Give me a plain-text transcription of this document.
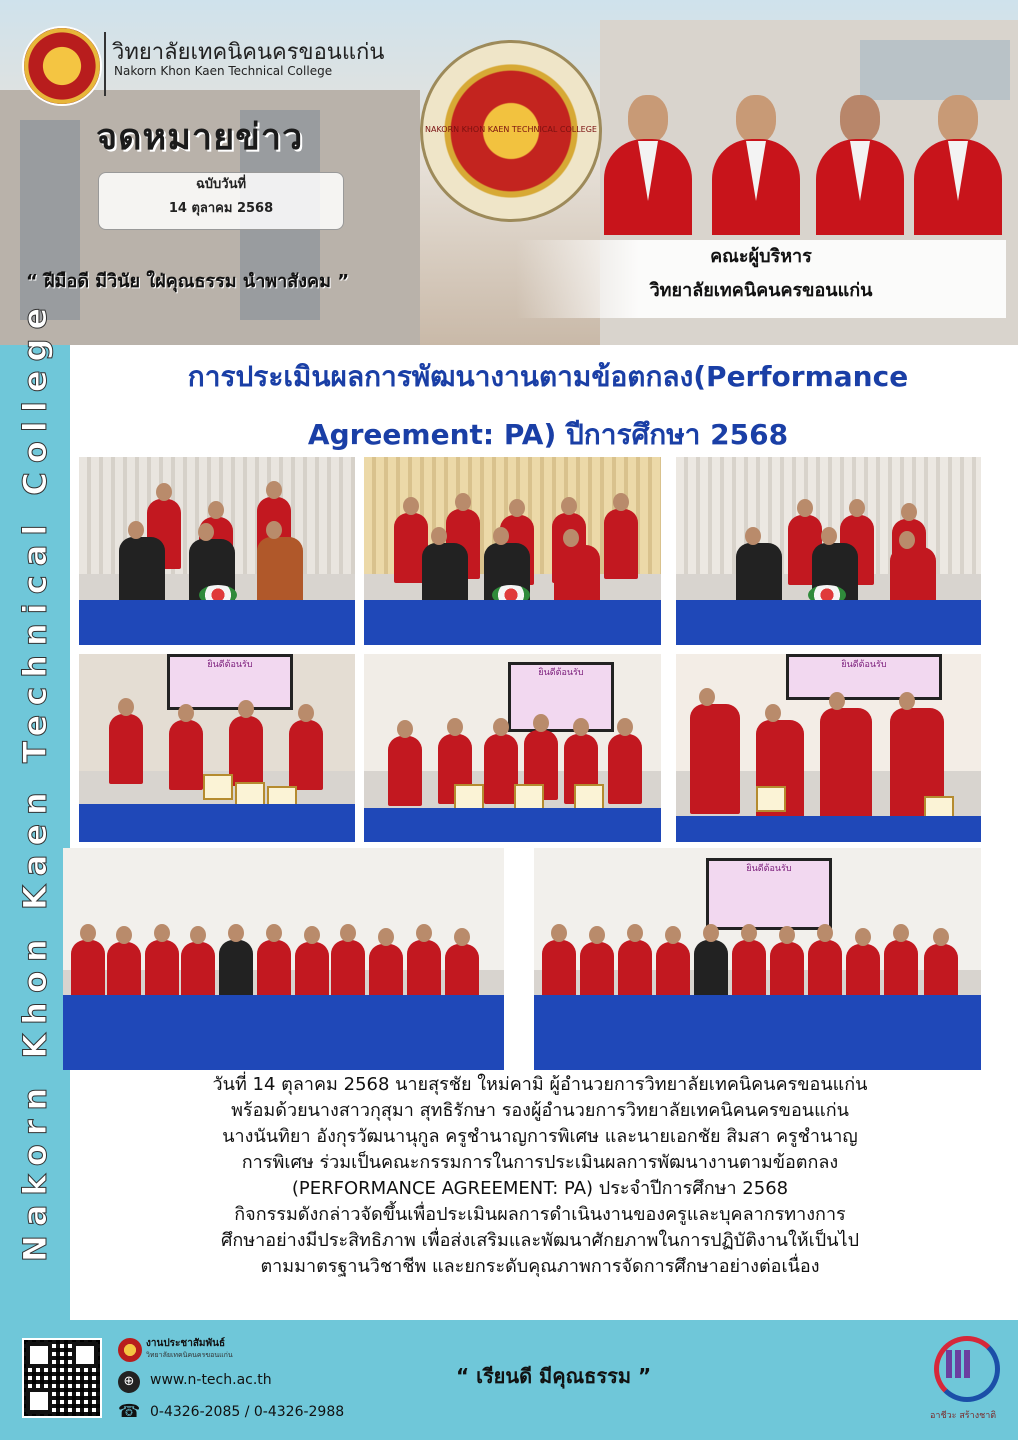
วิทยาลัยเทคนิคนครขอนแก่น
Nakorn Khon Kaen Technical College
จดหมายข่าว
ฉบับวันที่
14 ตุลาคม 2568
“ ฝีมือดี มีวินัย ใฝ่คุณธรรม นำพาสังคม ”
NAKORN KHON KAEN TECHNICAL COLLEGE
คณะผู้บริหาร
วิทยาลัยเทคนิคนครขอนแก่น
Nakorn Khon Kaen Technical College	การประเมินผลการพัฒนางานตามข้อตกลง(Performance
Agreement: PA) ปีการศึกษา 2568
ยินดีต้อนรับ
ยินดีต้อนรับ
ยินดีต้อนรับ
ยินดีต้อนรับ
วันที่ 14 ตุลาคม 2568 นายสุรชัย ใหม่คามิ ผู้อำนวยการวิทยาลัยเทคนิคนครขอนแก่น
พร้อมด้วยนางสาวกุสุมา สุทธิรักษา รองผู้อำนวยการวิทยาลัยเทคนิคนครขอนแก่น
นางนันทิยา อังกุรวัฒนานุกูล ครูชำนาญการพิเศษ และนายเอกชัย สิมสา ครูชำนาญ
การพิเศษ ร่วมเป็นคณะกรรมการในการประเมินผลการพัฒนางานตามข้อตกลง
(PERFORMANCE AGREEMENT: PA) ประจำปีการศึกษา 2568
กิจกรรมดังกล่าวจัดขึ้นเพื่อประเมินผลการดำเนินงานของครูและบุคลากรทางการ
ศึกษาอย่างมีประสิทธิภาพ เพื่อส่งเสริมและพัฒนาศักยภาพในการปฏิบัติงานให้เป็นไป
ตามมาตรฐานวิชาชีพ และยกระดับคุณภาพการจัดการศึกษาอย่างต่อเนื่อง
งานประชาสัมพันธ์
วิทยาลัยเทคนิคนครขอนแก่น
⊕	www.n-tech.ac.th
☎ 0-4326-2085 / 0-4326-2988
“ เรียนดี มีคุณธรรม ”
อาชีวะ สร้างชาติ
